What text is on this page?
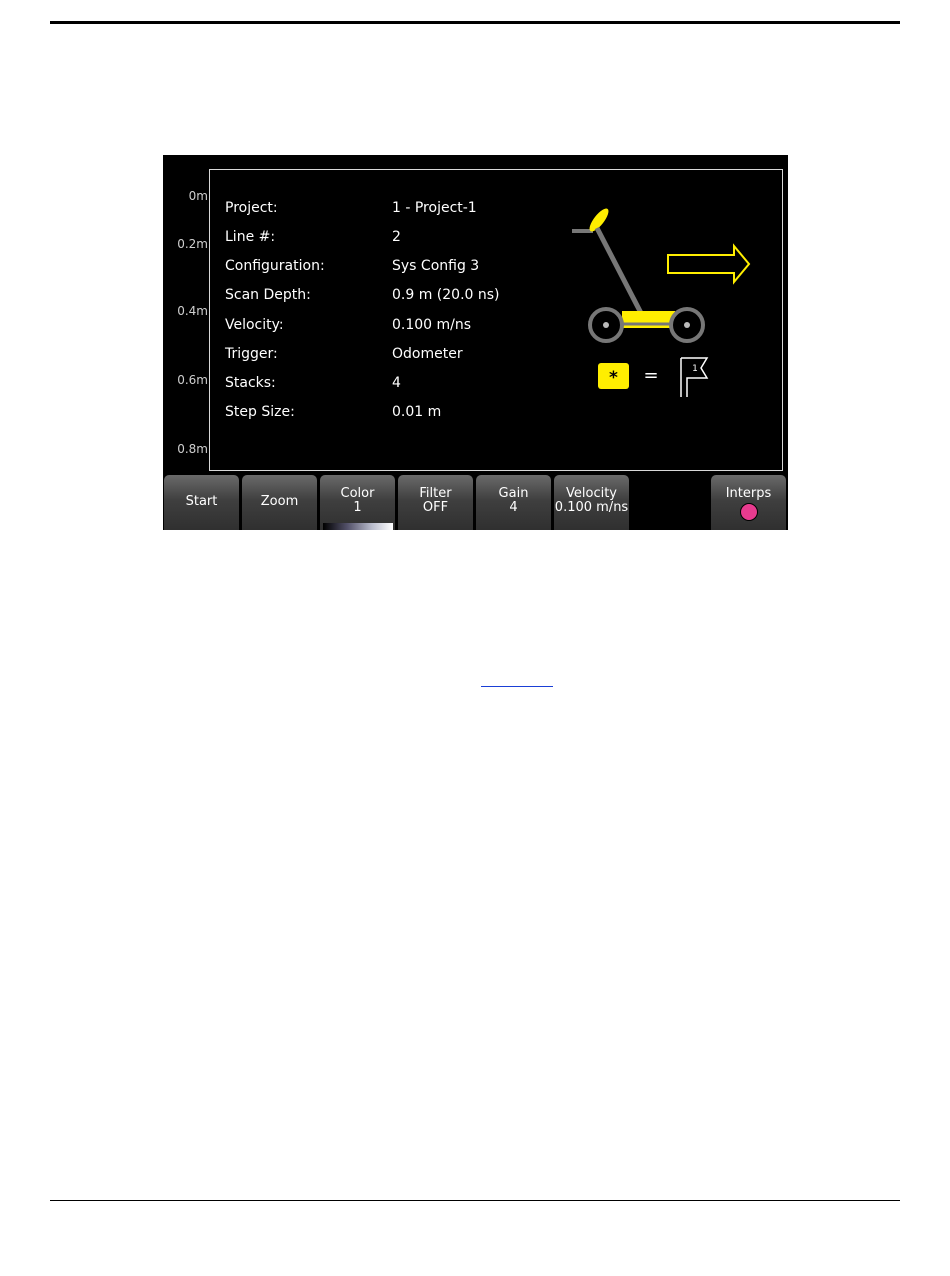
0m
0.2m
0.4m
0.6m
0.8m
Project:	1 - Project-1
Line #:	2
Configuration:	Sys Config 3
Scan Depth:	0.9 m (20.0 ns)
Velocity:	0.100 m/ns
Trigger:	Odometer
Stacks:	4
Step Size:	0.01 m
* =	1
Start	Zoom
Color
1
Filter
OFF
Gain
4
Velocity
0.100 m/ns
Interps
